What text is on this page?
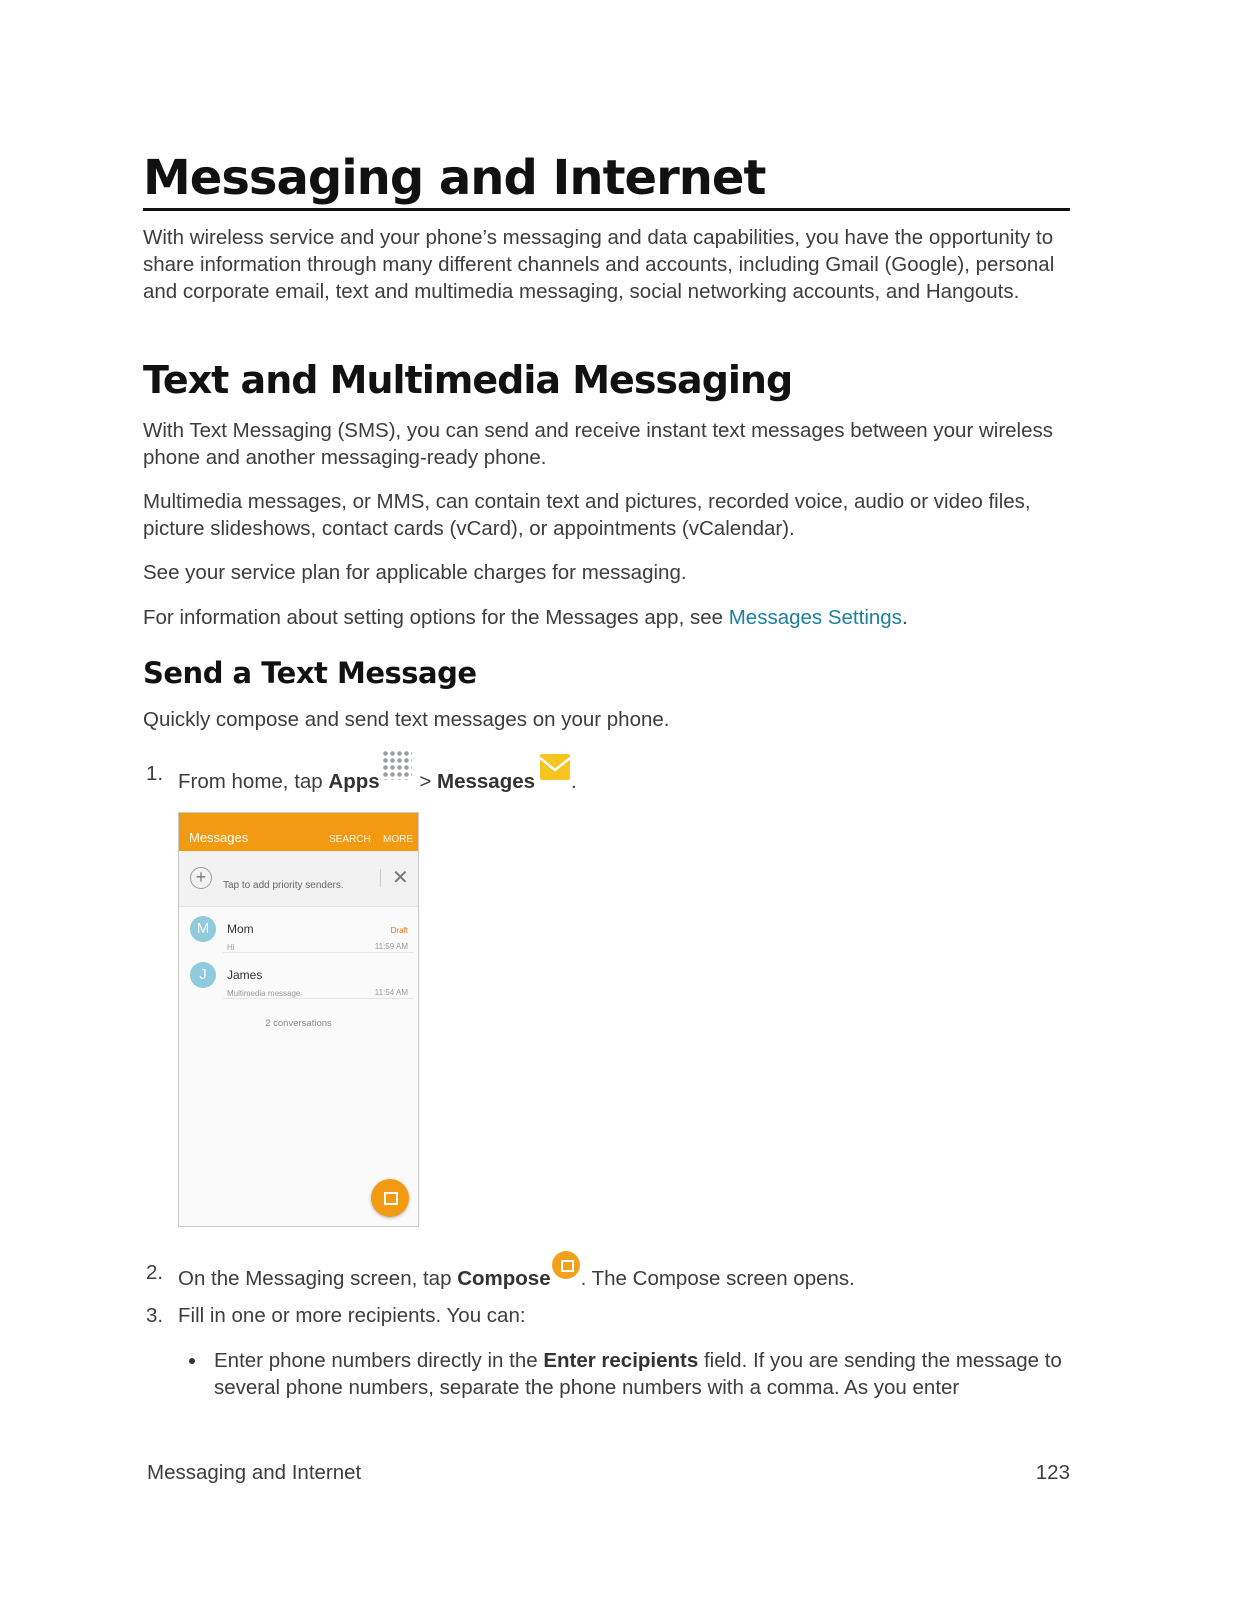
Messaging and Internet

With wireless service and your phone’s messaging and data capabilities, you have the opportunity to share information through many different channels and accounts, including Gmail (Google), personal and corporate email, text and multimedia messaging, social networking accounts, and Hangouts.

Text and Multimedia Messaging

With Text Messaging (SMS), you can send and receive instant text messages between your wireless phone and another messaging-ready phone.

Multimedia messages, or MMS, can contain text and pictures, recorded voice, audio or video files, picture slideshows, contact cards (vCard), or appointments (vCalendar).

See your service plan for applicable charges for messaging.

For information about setting options for the Messages app, see Messages Settings.

Send a Text Message

Quickly compose and send text messages on your phone.

1. From home, tap Apps > Messages .
Messages	SEARCH MORE
+	Tap to add priority senders. ✕
M	Mom
Hi
Draft
11:59 AM
J	James
Multimedia message	11:54 AM
2 conversations
2. On the Messaging screen, tap Compose . The Compose screen opens.
3. Fill in one or more recipients. You can:
Enter phone numbers directly in the Enter recipients field. If you are sending the message to several phone numbers, separate the phone numbers with a comma. As you enter
Messaging and Internet	123
